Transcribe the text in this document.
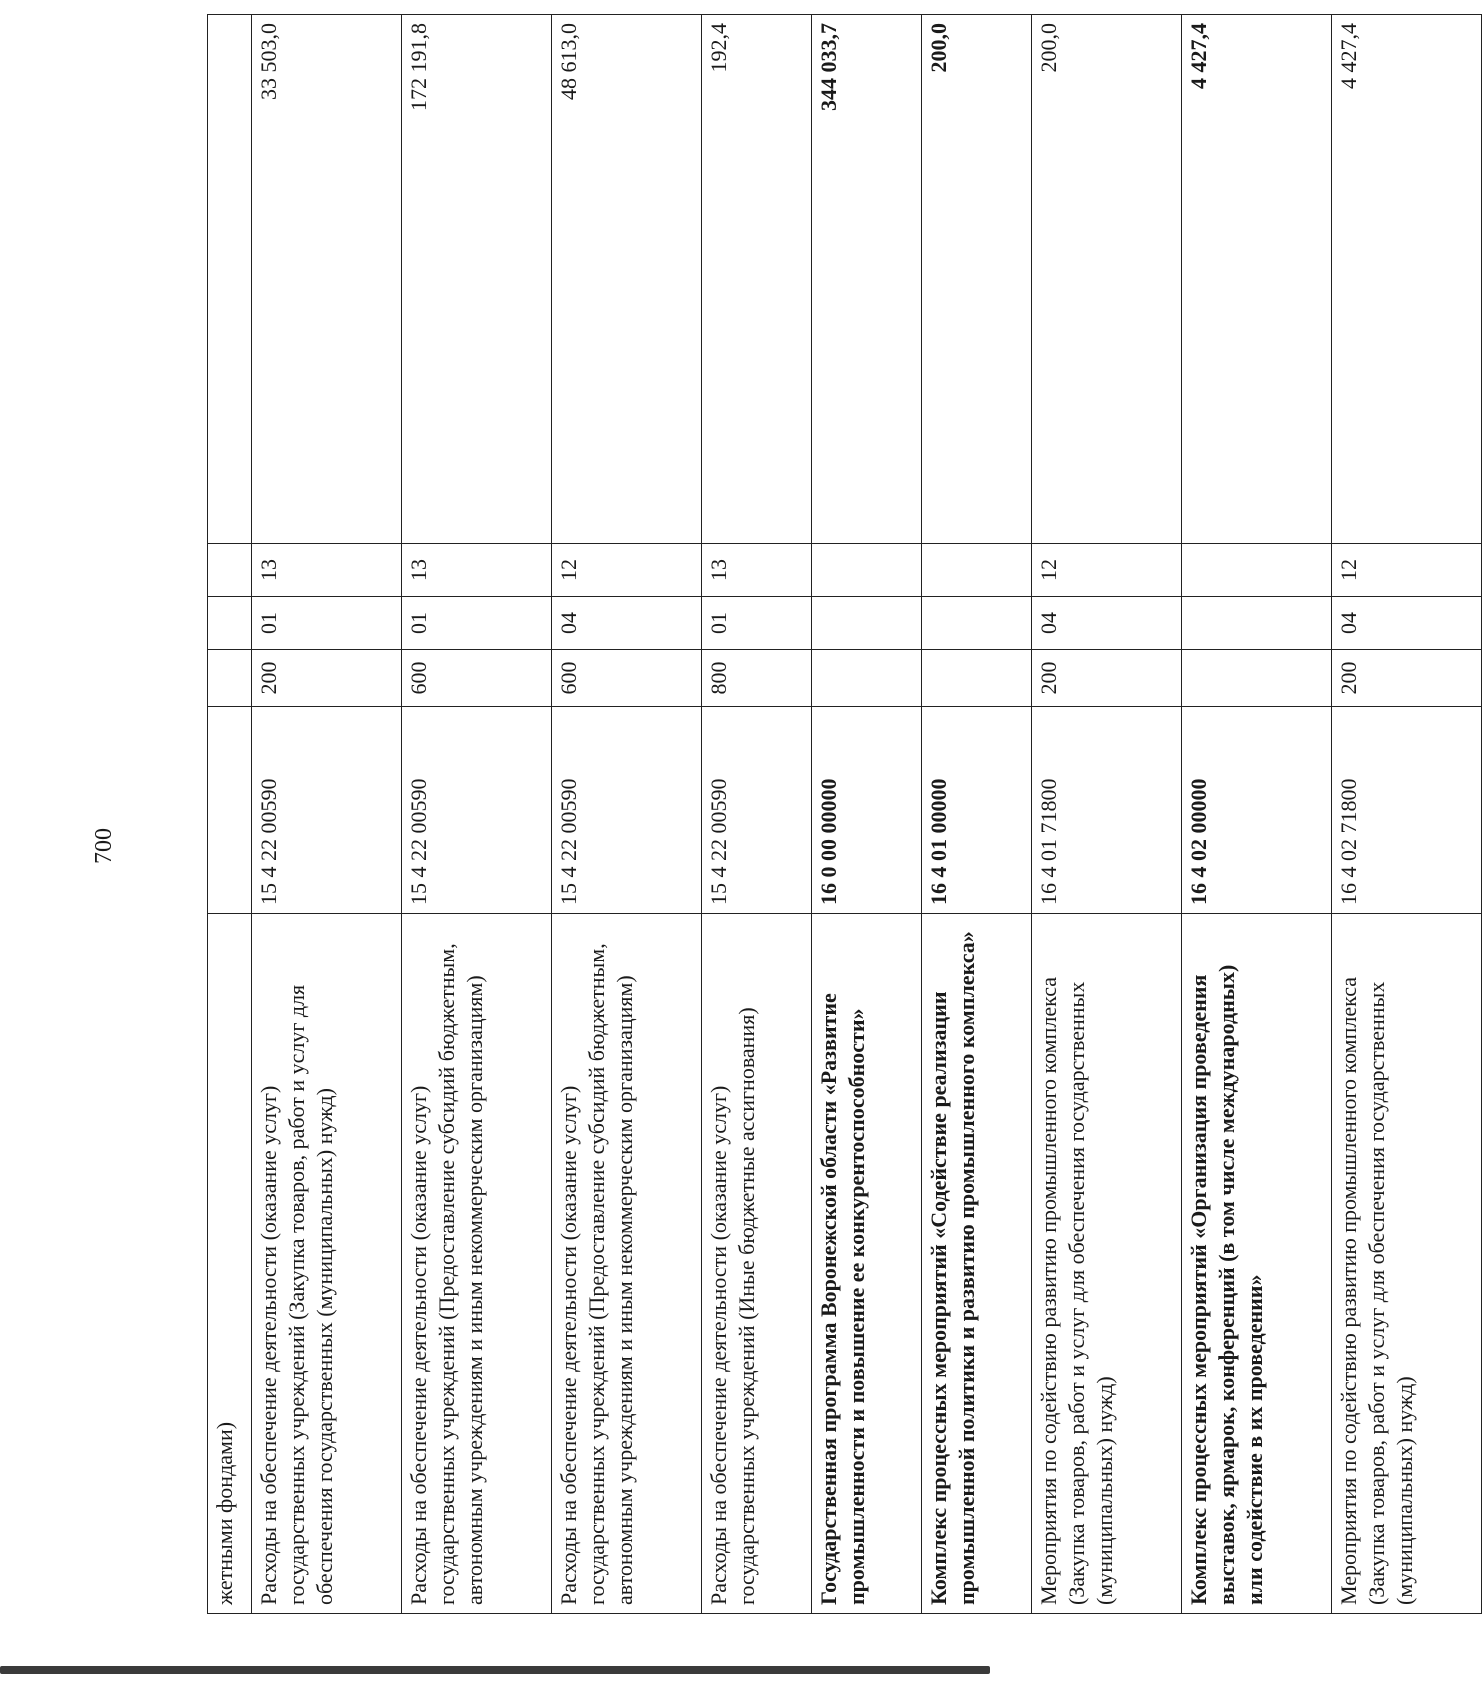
700
жетными фондами)					
Расходы на обеспечение деятельности (оказание услуг) государственных учреждений (Закупка товаров, работ и услуг для обеспечения государственных (муниципальных) нужд)	15 4 22 00590	200	01	13	33 503,0
Расходы на обеспечение деятельности (оказание услуг) государственных учреждений (Предоставление субсидий бюджетным, автономным учреждениям и иным некоммерческим организациям)	15 4 22 00590	600	01	13	172 191,8
Расходы на обеспечение деятельности (оказание услуг) государственных учреждений (Предоставление субсидий бюджетным, автономным учреждениям и иным некоммерческим организациям)	15 4 22 00590	600	04	12	48 613,0
Расходы на обеспечение деятельности (оказание услуг) государственных учреждений (Иные бюджетные ассигнования)	15 4 22 00590	800	01	13	192,4
Государственная программа Воронежской области «Развитие промышленности и повышение ее конкурентоспособности»	16 0 00 00000				344 033,7
Комплекс процессных мероприятий «Содействие реализации промышленной политики и развитию промышленного комплекса»	16 4 01 00000				200,0
Мероприятия по содействию развитию промышленного комплекса (Закупка товаров, работ и услуг для обеспечения государственных (муниципальных) нужд)	16 4 01 71800	200	04	12	200,0
Комплекс процессных мероприятий «Организация проведения выставок, ярмарок, конференций (в том числе международных) или содействие в их проведении»	16 4 02 00000				4 427,4
Мероприятия по содействию развитию промышленного комплекса (Закупка товаров, работ и услуг для обеспечения государственных (муниципальных) нужд)	16 4 02 71800	200	04	12	4 427,4
